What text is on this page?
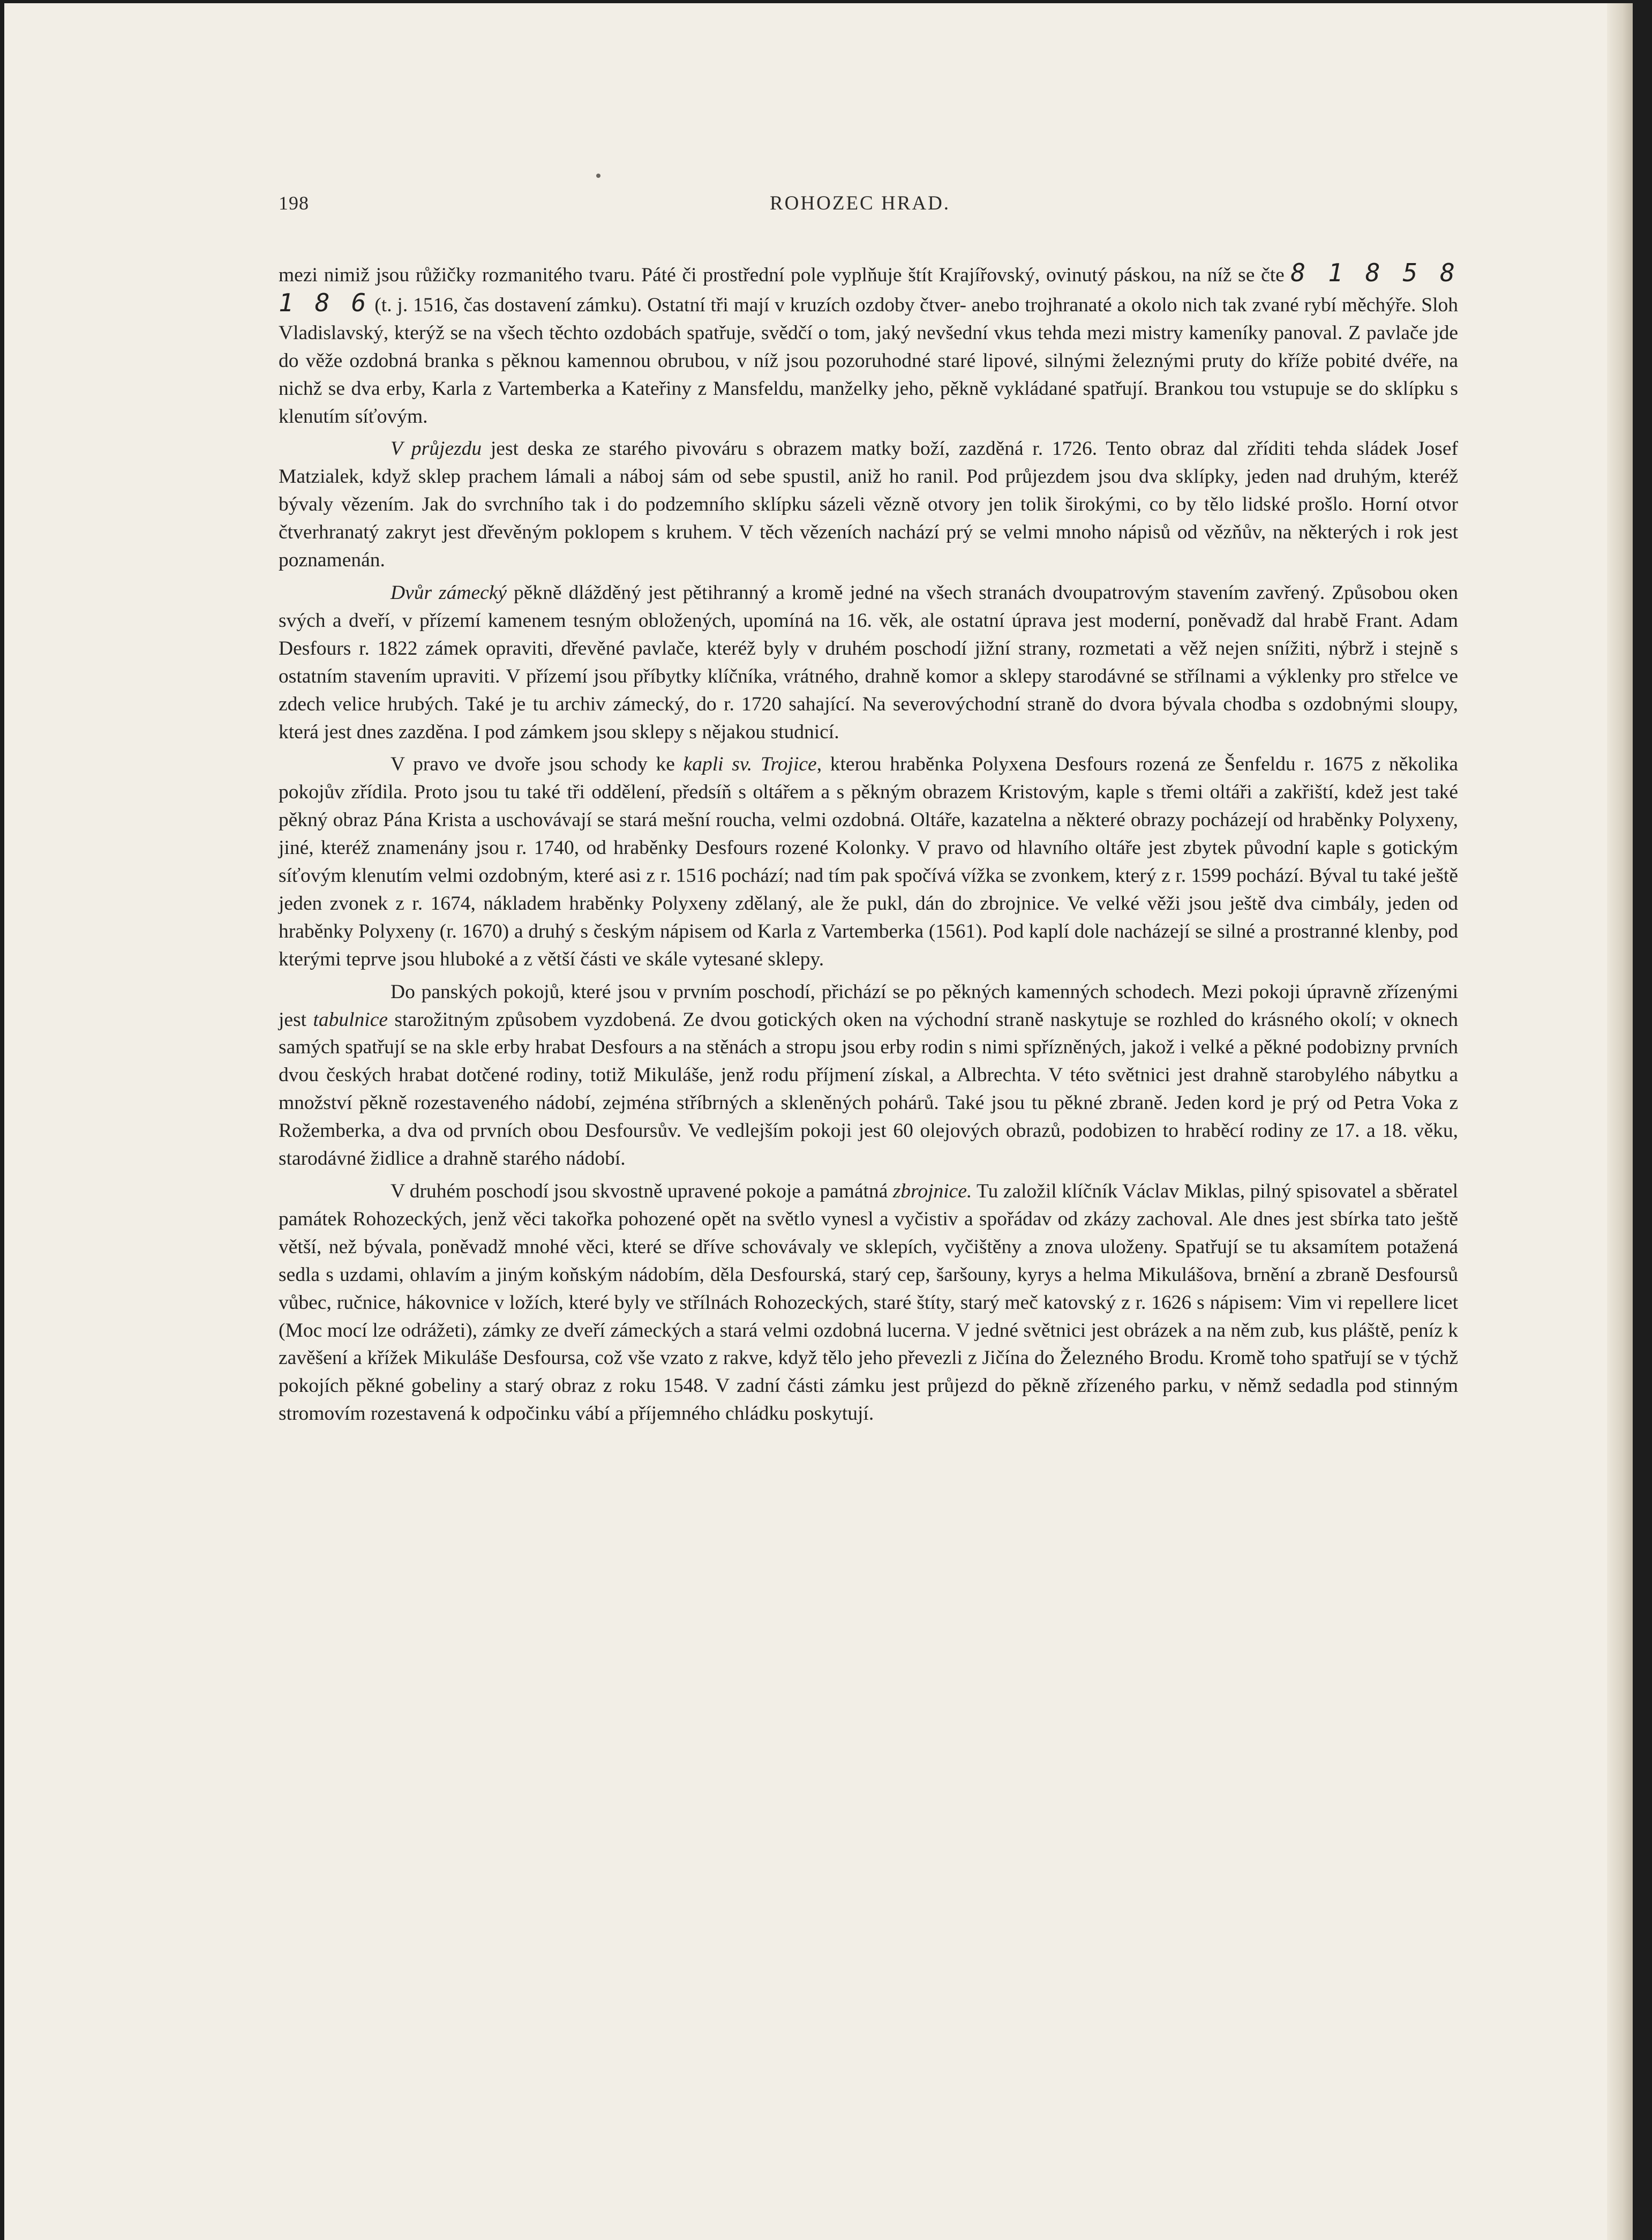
198	ROHOZEC HRAD.

mezi nimiž jsou růžičky rozmanitého tvaru. Páté či prostřední pole vyplňuje štít Krajířovský, ovinutý páskou, na níž se čte 8 1 8 5 8 1 8 6 (t. j. 1516, čas dostavení zámku). Ostatní tři mají v kruzích ozdoby čtver- anebo trojhranaté a okolo nich tak zvané rybí měchýře. Sloh Vladislavský, kterýž se na všech těchto ozdobách spatřuje, svědčí o tom, jaký nevšední vkus tehda mezi mistry kameníky panoval. Z pavlače jde do věže ozdobná branka s pěknou kamennou obrubou, v níž jsou pozoruhodné staré lipové, silnými železnými pruty do kříže pobité dvéře, na nichž se dva erby, Karla z Vartemberka a Kateřiny z Mansfeldu, manželky jeho, pěkně vykládané spatřují. Brankou tou vstupuje se do sklípku s klenutím síťovým.

V průjezdu jest deska ze starého pivováru s obrazem matky boží, zazděná r. 1726. Tento obraz dal zříditi tehda sládek Josef Matzialek, když sklep prachem lámali a náboj sám od sebe spustil, aniž ho ranil. Pod průjezdem jsou dva sklípky, jeden nad druhým, kteréž bývaly vězením. Jak do svrchního tak i do podzemního sklípku sázeli vězně otvory jen tolik širokými, co by tělo lidské prošlo. Horní otvor čtverhranatý zakryt jest dřevěným poklopem s kruhem. V těch vězeních nachází prý se velmi mnoho nápisů od vězňův, na některých i rok jest poznamenán.

Dvůr zámecký pěkně dlážděný jest pětihranný a kromě jedné na všech stranách dvoupatrovým stavením zavřený. Způsobou oken svých a dveří, v přízemí kamenem tesným obložených, upomíná na 16. věk, ale ostatní úprava jest moderní, poněvadž dal hrabě Frant. Adam Desfours r. 1822 zámek opraviti, dřevěné pavlače, kteréž byly v druhém poschodí jižní strany, rozmetati a věž nejen snížiti, nýbrž i stejně s ostatním stavením upraviti. V přízemí jsou příbytky klíčníka, vrátného, drahně komor a sklepy starodávné se střílnami a výklenky pro střelce ve zdech velice hrubých. Také je tu archiv zámecký, do r. 1720 sahající. Na severovýchodní straně do dvora bývala chodba s ozdobnými sloupy, která jest dnes zazděna. I pod zámkem jsou sklepy s nějakou studnicí.

V pravo ve dvoře jsou schody ke kapli sv. Trojice, kterou hraběnka Polyxena Desfours rozená ze Šenfeldu r. 1675 z několika pokojův zřídila. Proto jsou tu také tři oddělení, předsíň s oltářem a s pěkným obrazem Kristovým, kaple s třemi oltáři a zakřiští, kdež jest také pěkný obraz Pána Krista a uschovávají se stará mešní roucha, velmi ozdobná. Oltáře, kazatelna a některé obrazy pocházejí od hraběnky Polyxeny, jiné, kteréž znamenány jsou r. 1740, od hraběnky Desfours rozené Kolonky. V pravo od hlavního oltáře jest zbytek původní kaple s gotickým síťovým klenutím velmi ozdobným, které asi z r. 1516 pochází; nad tím pak spočívá vížka se zvonkem, který z r. 1599 pochází. Býval tu také ještě jeden zvonek z r. 1674, nákladem hraběnky Polyxeny zdělaný, ale že pukl, dán do zbrojnice. Ve velké věži jsou ještě dva cimbály, jeden od hraběnky Polyxeny (r. 1670) a druhý s českým nápisem od Karla z Vartemberka (1561). Pod kaplí dole nacházejí se silné a prostranné klenby, pod kterými teprve jsou hluboké a z větší části ve skále vytesané sklepy.

Do panských pokojů, které jsou v prvním poschodí, přichází se po pěkných kamenných schodech. Mezi pokoji úpravně zřízenými jest tabulnice starožitným způsobem vyzdobená. Ze dvou gotických oken na východní straně naskytuje se rozhled do krásného okolí; v oknech samých spatřují se na skle erby hrabat Desfours a na stěnách a stropu jsou erby rodin s nimi spřízněných, jakož i velké a pěkné podobizny prvních dvou českých hrabat dotčené rodiny, totiž Mikuláše, jenž rodu příjmení získal, a Albrechta. V této světnici jest drahně starobylého nábytku a množství pěkně rozestaveného nádobí, zejména stříbrných a skleněných pohárů. Také jsou tu pěkné zbraně. Jeden kord je prý od Petra Voka z Rožemberka, a dva od prvních obou Desfoursův. Ve vedlejším pokoji jest 60 olejových obrazů, podobizen to hraběcí rodiny ze 17. a 18. věku, starodávné židlice a drahně starého nádobí.

V druhém poschodí jsou skvostně upravené pokoje a památná zbrojnice. Tu založil klíčník Václav Miklas, pilný spisovatel a sběratel památek Rohozeckých, jenž věci takořka pohozené opět na světlo vynesl a vyčistiv a spořádav od zkázy zachoval. Ale dnes jest sbírka tato ještě větší, než bývala, poněvadž mnohé věci, které se dříve schovávaly ve sklepích, vyčištěny a znova uloženy. Spatřují se tu aksamítem potažená sedla s uzdami, ohlavím a jiným koňským nádobím, děla Desfourská, starý cep, šaršouny, kyrys a helma Mikulášova, brnění a zbraně Desfoursů vůbec, ručnice, hákovnice v ložích, které byly ve střílnách Rohozeckých, staré štíty, starý meč katovský z r. 1626 s nápisem: Vim vi repellere licet (Moc mocí lze odrážeti), zámky ze dveří zámeckých a stará velmi ozdobná lucerna. V jedné světnici jest obrázek a na něm zub, kus pláště, peníz k zavěšení a křížek Mikuláše Desfoursa, což vše vzato z rakve, když tělo jeho převezli z Jičína do Železného Brodu. Kromě toho spatřují se v týchž pokojích pěkné gobeliny a starý obraz z roku 1548. V zadní části zámku jest průjezd do pěkně zřízeného parku, v němž sedadla pod stinným stromovím rozestavená k odpočinku vábí a příjemného chládku poskytují.
